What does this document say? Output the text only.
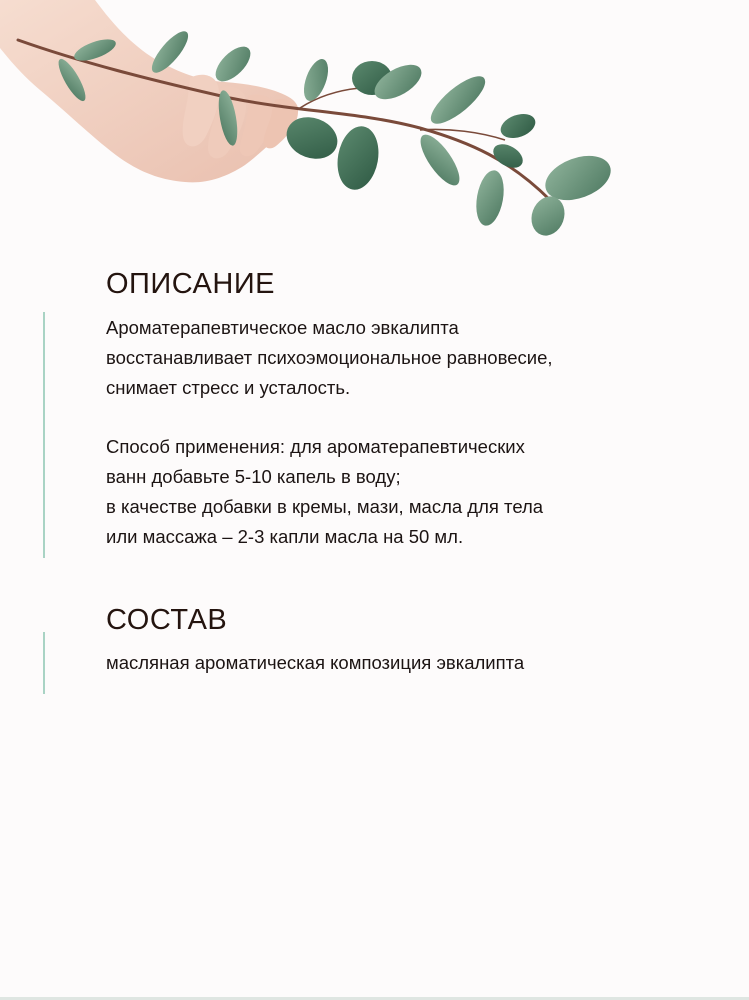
ОПИСАНИЕ

Ароматерапевтическое масло эвкалипта
восстанавливает психоэмоциональное равновесие,
снимает стресс и усталость.

Способ применения: для ароматерапевтических
ванн добавьте 5-10 капель в воду;
в качестве добавки в кремы, мази, масла для тела
или массажа – 2-3 капли масла на 50 мл.

СОСТАВ

масляная ароматическая композиция эвкалипта
